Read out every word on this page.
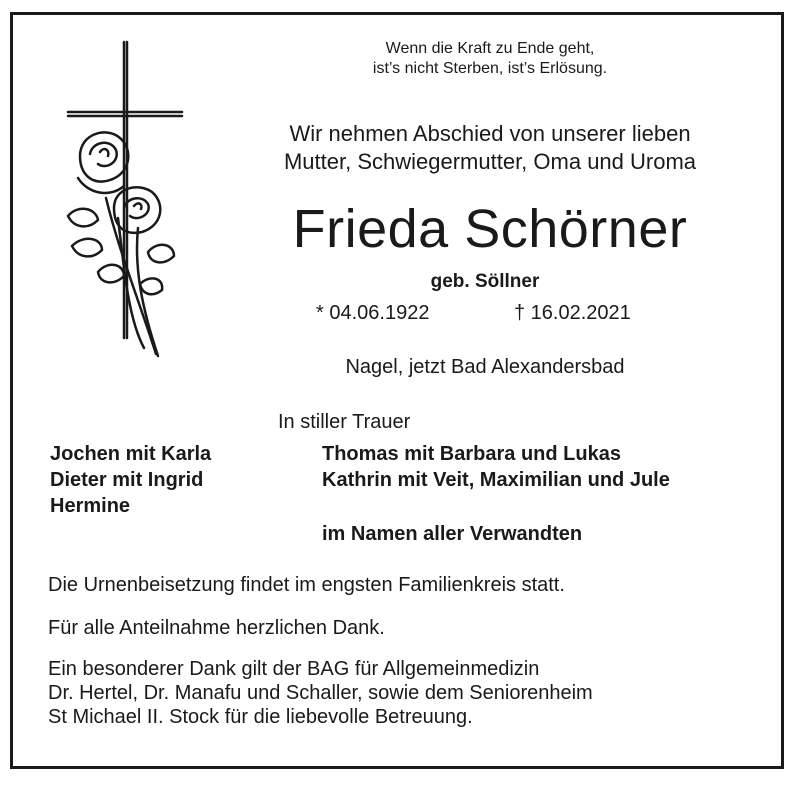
Wenn die Kraft zu Ende geht,
ist’s nicht Sterben, ist’s Erlösung.
Wir nehmen Abschied von unserer lieben
Mutter, Schwiegermutter, Oma und Uroma
Frieda Schörner
geb. Söllner
* 04.06.1922	† 16.02.2021
Nagel, jetzt Bad Alexandersbad
In stiller Trauer
Jochen mit Karla
Dieter mit Ingrid
Hermine
Thomas mit Barbara und Lukas
Kathrin mit Veit, Maximilian und Jule
im Namen aller Verwandten
Die Urnenbeisetzung findet im engsten Familienkreis statt.
Für alle Anteilnahme herzlichen Dank.
Ein besonderer Dank gilt der BAG für Allgemeinmedizin
Dr. Hertel, Dr. Manafu und Schaller, sowie dem Seniorenheim
St Michael II. Stock für die liebevolle Betreuung.
